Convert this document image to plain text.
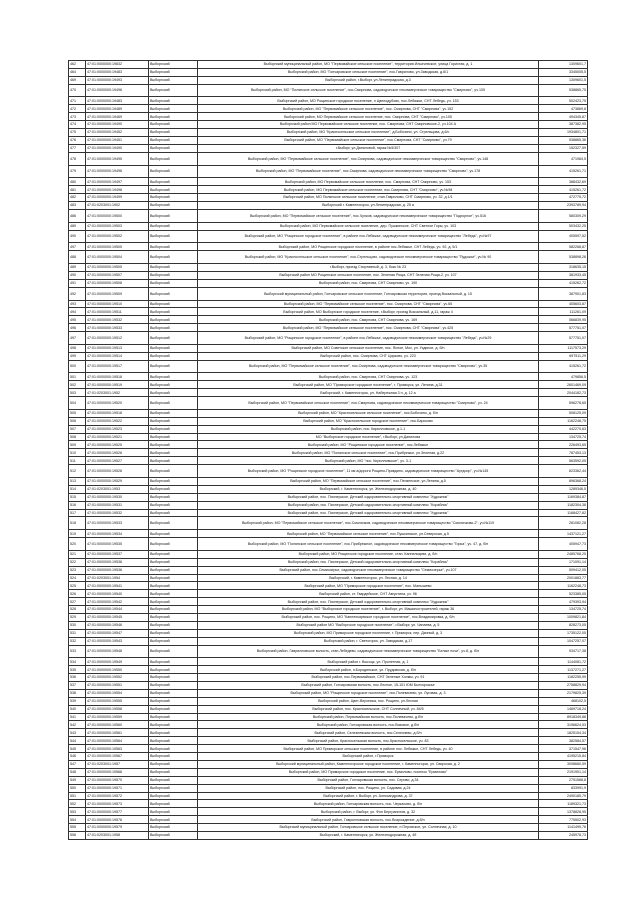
462	47:01:0000000:19832	Выборгский	Выборгский муниципальный район, МО "Первомайское сельское поселение", территория Ильичевское, улица Гористая, д. 1	1309601,7
464	47:01:0000000:19483	Выборгский	Выборгский район, МО "Гончаровское сельское поселение", пос.Гаврилово, ул.Заводская, д.6/1	3345005,5
469	47:01:0000000:19493	Выборгский	Выборгский район, г.Выборг, ул.Ленинградская, д.3	1309601,5
470	47:01:0000000:19496	Выборгский	Выборгский район, МО "Полянское сельское поселение", пос.Смирнова, садоводческое некоммерческое товарищество "Смирново", уч.105	538865,75
471	47:01:0000000:19483	Выборгский	Выборгский район, МО Рощинское городское поселение, п.Цвелодубово, пос.Лебяжье, СНТ Лебедь, уч. 153	502423,75
472	47:01:0000000:19489	Выборгский	Выборгский район, МО "Первомайское сельское поселение", пос. Смирнова, СНТ "Смирнова", уч.152	473869,8
473	47:01:0000000:19469	Выборгский	Выборгский район, МО Первомайское сельское поселение, пос. Смирнова, СНТ "Смирново", уч.105	494345,87
474	47:01:0000000:19490	Выборгский	Выборгский район МО Первомайское сельское поселение, пос. Смирнова, СНТ Смирновское-2, уч.104 А	387382,95
475	47:01:0000000:19452	Выборгский	Выборгский район, МО "Красносельское сельское поселение", д.Бобочино, ул. Стрельцова, д.6/с	1934801,71
476	47:01:0000000:19451	Выборгский	Выборгский район, МО "Первомайское сельское поселение", пос.Смирнова, СНТ "Смирново", уч.79	538865,36
477	47:01:0000000:19490	Выборгский	г.Выборг, ул.Даниловой, гараж №5/307	152327,59
478	47:01:0000000:19495	Выборгский	Выборгский район, МО "Первомайское сельское поселение", пос.Смирнова, садоводческое некоммерческое товарищество "Смирново", уч.148	471984,5
479	47:01:0000000:19496	Выборгский	Выборгский район, МО "Первомайское поселение", пос.Смирнова, садоводческое некоммерческое товарищество "Смирново", уч.178	415261,71
480	47:01:0000000:19497	Выборгский	Выборгский район, МО Первомайское сельское поселение, пос. Смирнова, СНТ Смирново, уч. 153	388432,69
481	47:01:0000000:19498	Выборгский	Выборгский район, МО Первомайское сельское поселение, пос.Смирнова, СНТ "Смирново", уч.№98	415261,72
482	47:01:0000000:19499	Выборгский	Выборгский район, МО Полянское сельское поселение, стан.Гаврилово, СНТ Смирново, уч. 32, д.1/1	472775,72
483	47:01:0203001:1902	Выборгский	Выборгский г. Каменногорск, ул.Ленинградская, д. 25 а	2393789,94
486	47:01:0000000:19500	Выборгский	Выборгский район, МО "Первомайское сельское поселение", пос.Чулков, садоводческое некоммерческое товарищество "Подгорное", уч.516	580309,29
489	47:01:0000000:19503	Выборгский	Выборгский район, МО Первомайское сельское поселение, дер. Пушкинское, СНТ Светлое Горы, уч. 103	503432,25
490	47:01:0000000:19502	Выборгский	Выборгский район, МО "Рощинское городское поселение", в районе пос.Лебяжье, садоводческое некоммерческое товарищество "Лебедь", уч.№97	405597,52
497	47:01:0000000:19505	Выборгский	Выборгский район, МО Рощинское городское поселение, в районе пос.Лебяжье, СНТ Лебедь, уч. 92, д. 5/1	582268,87
488	47:01:0000000:19504	Выборгский	Выборгский район, МО "Красносельское сельское поселение", пос.Стрельцово, садоводческое некоммерческое товарищество "Пудожье", уч.№ 90	538898,26
489	47:01:0000000:19505	Выборгский	г.Выборг, проезд Спортивный, д. 3, бокс № 23	318635,15
490	47:01:0000000:19507	Выборгский	Выборгский район МО Рощинское сельское поселение, пос. Зеленая Роща, СНТ Зеленая Роща-2, уч. 107	381933,45
491	47:01:0000000:19508	Выборгский	Выборгский район, пос. Смирнова, СНТ Смирново, уч. 190	415262,72
492	47:01:0000000:19509	Выборгский	Выборгский муниципальный район, Гончаровское сельское поселение, Гончаровская территория, проезд Вокзальный, д. 15	387901,83
493	47:01:0000000:19510	Выборгский	Выборгский район, МО "Первомайское сельское поселение", пос. Смирнова, СНТ "Смирнова", уч.65	405603,87
494	47:01:0000000:19511	Выборгский	Выборгский район, МО Выборгское городское поселение, г.Выборг, проезд Вокзальный, д.11, гараж 4	111261,09
495	47:01:0000000:19532	Выборгский	Выборгский район, пос. Смирнова, СНТ Смирнова, уч. 169	566839,95
496	47:01:0000000:19533	Выборгский	Выборгский район, МО "Первомайское сельское поселение", пос. Смирнова, СНТ "Смирнова", уч.425	577751,07
497	47:01:0000000:19512	Выборгский	Выборгский район, МО "Рощинское городское поселение", в районе пос.Лебяжье, садоводческое некоммерческое товарищество "Лебедь", уч.№29	577751,07
498	47:01:0000000:19513	Выборгский	Выборгский район, МО Советское сельское поселение, пос. Ясное, Мох, ул. Уздиное, д. б/н	1117573,29
499	47:01:0000000:19514	Выборгский	Выборгский район, пос. Смирнова, СНТ Цирково, уч. 223	697511,29
500	47:01:0000000:19517	Выборгский	Выборгский район, МО "Первомайское сельское поселение", пос.Смирнова, садоводческое некоммерческое товарищество "Смирново", уч.35	415261,72
501	47:01:0000000:19518	Выборгский	Выборгский район, пос. Смирнова, СНТ Смирнова, уч. 123	479856,5
502	47:01:0000000:19519	Выборгский	Выборгский район, МО "Приморское городское поселение", г. Приморск, ул. Ленина, д.31	2601469,09
503	47:01:0203001:1952	Выборгский	Выборгский, г. Каменногорск, ул. Набережная 3 п, д. 12 а	2044182,73
504	47:01:0000000:19520	Выборгский	Выборгский район, МО "Первомайское сельское поселение", пос.Смирнова, садоводческое некоммерческое товарищество "Смирново", уч. 24	596278,65
505	47:01:0000000:19518	Выборгский	Выборгский район, МО "Красносельское сельское поселение", пос.Бобочино, д. б/н	508125,09
506	47:01:0000000:19522	Выборгский	Выборгский район, МО "Красносельское городское поселение", пос.Барсково	1162248,75
507	47:01:0000000:19523	Выборгский	Выборгский район, пос. Кирилловское, д.1-1	442270,63
508	47:01:0000000:19521	Выборгский	МО "Выборгское городское поселение", г.Выборг, ул.Данилова	134725,74
509	47:01:0000000:19525	Выборгский	Выборгский район, МО "Рощинское городское поселение", пос.Лебяжье	226493,65
510	47:01:0000000:19526	Выборгский	Выборгский район, МО "Полянское сельское поселение", пос.Прибрежье, ул.Зеленая, д.22	787453,13
511	47:01:0000000:19527	Выборгский	Выборгский район, МО "пос. Кирилловское", уч. 3-1	563592,05
512	47:01:0000000:19528	Выборгский	Выборгский район, МО "Рощинское городское поселение", 11 км а/дороги Рощино-Правдино, садоводческое товарищество "Аутдоор", уч.№145	823362,44
513	47:01:0000000:19529	Выборгский	Выборгский район, МО "Первомайское сельское поселение", пос.Пензенское, ул.Ленина, д.5	896368,24
514	47:01:0203001:1953	Выборгский	Выборгский, г. Каменногорск, ул. Железнодорожная, д. 40	1289346,5
515	47:01:0000000:19530	Выборгский	Выборгский район, пос. Пионерское, Детский оздоровительно-спортивный комплекс "Художник"	1169384,87
516	47:01:0000000:19531	Выборгский	Выборгский район, пос. Пионерское, Детский оздоровительно-спортивный комплекс "Кораблик"	1182304,38
517	47:01:0000000:19532	Выборгский	Выборгский район, пос. Пионерское, Детский оздоровительно-спортивный комплекс "Художник"	1168427,82
518	47:01:0000000:19533	Выборгский	Выборгский район, МО "Первомайское сельское поселение", пос.Смолячков, садоводческое некоммерческое товарищество "Смолячково-2", уч.№119	281082,28
519	47:01:0000000:19534	Выборгский	Выборгский район, МО "Первомайское сельское поселение", пос.Пушкинское, ул.Северская, д.5	1437121,27
520	47:01:0000000:19535	Выборгский	Выборгский район, МО "Полянское сельское поселение", пос.Прибрежное, садоводческое некоммерческое товарищество "Горка", уч. 47, д. б/н	405947,73
521	47:01:0000000:19537	Выборгский	Выборгский район, МО Рощинское городское поселение, стан. Каннельярви, д. б/н	2485768,25
522	47:01:0000000:19538	Выборгский	Выборгский район, пос. Пионерское, Детский оздоровительно-спортивный комплекс "Кораблик"	171091,14
523	47:01:0000000:19536	Выборгский	Выборгский район, пос.Семиозерье, садоводческое некоммерческое товарищество "Семиозерье", уч.107	509412,05
524	47:01:0203001:1954	Выборгский	Выборгский, г. Каменногорск, ул. Лесная, д. 14	2001883,77
525	47:01:0000000:19541	Выборгский	Выборгский район, МО "Приморское городское поселение", пос. Малышево	1162248,73
526	47:01:0000000:19540	Выборгский	Выборгский район, ст. Гвардейское, СНТ Августина, уч. 96	523385,05
527	47:01:0000000:19542	Выборгский	Выборгский район, пос. Пионерское, Детский оздоровительно-спортивный комплекс "Художник"	479393,94
528	47:01:0000000:19544	Выборгский	Выборгский район, МО "Выборгское городское поселение", г. Выборг, ул. Машиностроителей, гараж 36	134725,74
529	47:01:0000000:19545	Выборгский	Выборгский район, пос. Рощино, МО "Каннельярвское городское поселение", пос.Владимировка, д. б/н	1009821,84
530	47:01:0000000:19546	Выборгский	Выборгский район МО "Выборгское городское поселение", г.Выборг, ул. Чапаева, д. 5	828273,05
531	47:01:0000000:19547	Выборгский	Выборгский район, МО Приморское городское поселение, г. Приморск, пер. Дачный, д. 3	1735122,05
532	47:01:0000000:19543	Выборгский	Выборгский район, г. Светогорск, ул. Заводская, д.17	1047257,07
533	47:01:0000000:19548	Выборгский	Выборгский район, Гаврилловское волость, стан.Лебедево, садоводческое некоммерческое товарищество "Белые ночи", уч.8, д. б/н	934717,38
534	47:01:0000000:19549	Выборгский	Выборгский район г. Высоцк, ул. Пролетная, д. 1	1144081,72
535	47:01:0000000:19550	Выборгский	Выборгский район, п.Бородинское, ул. Прудовская, д. б/н	1137271,27
536	47:01:0000000:19552	Выборгский	Выборгский район, пос.Первомайское, СНТ Зеленые Холмы, уч. 91	1182255,99
537	47:01:0000000:19551	Выборгский	Выборгский район, Гончаровская волость, пос.Лесное, 15-101 ЮМ Бытоорожье	2758829,94
538	47:01:0000000:19554	Выборгский	Выборгский район, МО "Рощинское городское поселение", пос.Полевачево, ул. Луговая, д. 3	2179825,39
539	47:01:0000000:19555	Выборгский	Выборгский район, Цвет-Вероника, пос. Рощино, ул.Лесная	468102,5
540	47:01:0000000:19558	Выборгский	Выборгский район, пос. Красносельское, СНТ Солнечный, уч. 84/5	1469718,24
541	47:01:0000000:19559	Выборгский	Выборгский район, Первомайская волость, пос.Полевачево, д.б/н	8918349,88
542	47:01:0000000:19560	Выборгский	Выборгский район, Гончаровская волость, пос.Вязовое, д.б/н	3196624,53
543	47:01:0000000:19561	Выборгский	Выборгский район, Селезневская волость, пос.Селезнево, д.б/н	1825154,34
544	47:01:0000000:19564	Выборгский	Выборгский район, Красносельская волость, пос.Красносельское, уч. 83	382584,57
545	47:01:0000000:19563	Выборгский	Выборгский район, МО Приморское сельское поселение, в районе пос. Лебяжье, СНТ Лебедь, уч. 40	371547,96
546	47:01:0000000:19567	Выборгский	Выборгский район, г.Приморск	4195215,84
547	47:01:0203001:1957	Выборгский	Выборгский муниципальный район, Каменногорское городское поселение, г. Каменногорск, ул. Свирская, д. 2	3098680,59
548	47:01:0000000:19568	Выборгский	Выборгский район, МО Приморское городское поселение, пос. Ермилово, поселок "Ермилово"	2191901,14
549	47:01:0000000:19570	Выборгский	Выборгский район, Гончаровская волость, пос. Серово, д.34	2751568,8
550	47:01:0000000:19571	Выборгский	Выборгский район, пос. Рощино, ул. Садовая, д.24	833991,9
551	47:01:0000000:19572	Выборгский	Выборгский район, г. Выборг, ул. Александрова, д. 37	2490185,79
552	47:01:0000000:19573	Выборгский	Выборгский район, Гончаровская волость, пос. Черкасово, д. б/н	1189321,73
553	47:01:0000000:19577	Выборгский	Выборгский район, г. Выборг, ул. Фон Бергранитов, д. 32	1378828,95
554	47:01:0000000:19578	Выборгский	Выборгский район, Гаврилловская волость, пос.Возрождение, д.б/н	775502,93
555	47:01:0000000:19579	Выборгский	Выборгский муниципальный район, Гончаровское сельское поселение, п.Перовское, ул. Солнечная, д. 10	1141499,76
556	47:01:0203001:1958	Выборгский	Выборгский, г. Каменногорск, ул. Железнодорожная, д. 4б	245978,73
